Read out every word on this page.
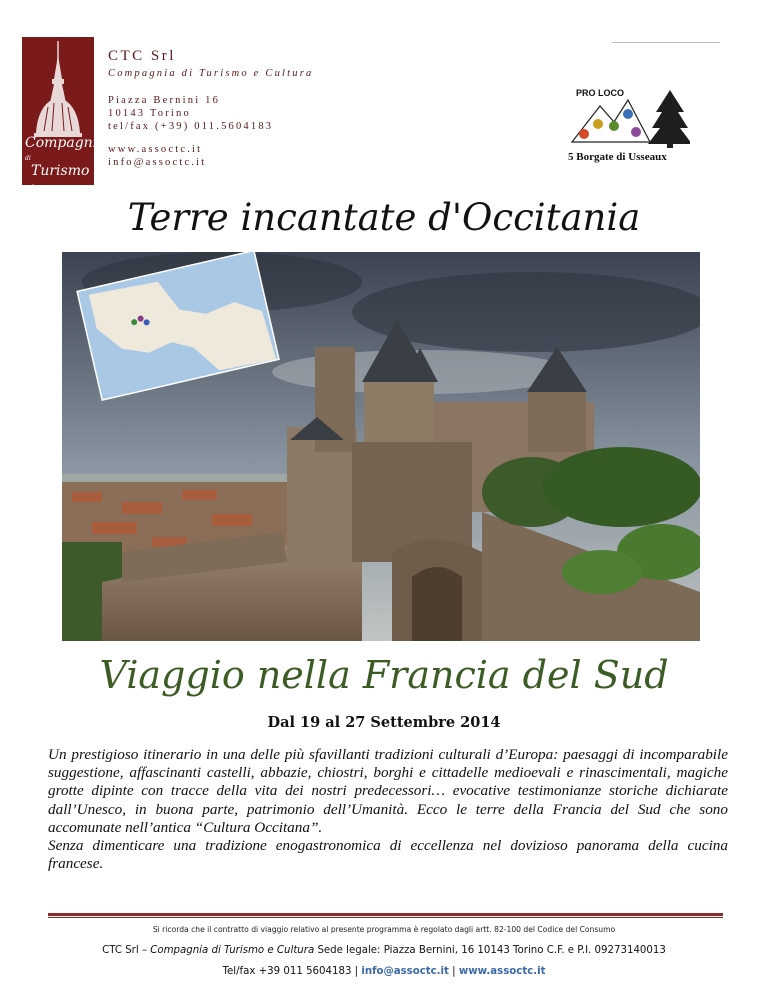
Compagnia di
Turismo e
Cultura
CTC Srl
Compagnia di Turismo e Cultura
Piazza Bernini 16
10143 Torino
tel/fax (+39) 011.5604183
www.assoctc.it
info@assoctc.it
PRO LOCO
5 Borgate di Usseaux
Terre incantate d'Occitania
Viaggio nella Francia del Sud
Dal 19 al 27 Settembre 2014

Un prestigioso itinerario in una delle più sfavillanti tradizioni culturali d’Europa: paesaggi di incomparabile suggestione, affascinanti castelli, abbazie, chiostri, borghi e cittadelle medioevali e rinascimentali, magiche grotte dipinte con tracce della vita dei nostri predecessori… evocative testimonianze storiche dichiarate dall’Unesco, in buona parte, patrimonio dell’Umanità. Ecco le terre della Francia del Sud che sono accomunate nell’antica “Cultura Occitana”.

Senza dimenticare una tradizione enogastronomica di eccellenza nel dovizioso panorama della cucina francese.

Si ricorda che il contratto di viaggio relativo al presente programma è regolato dagli artt. 82-100 del Codice del Consumo
CTC Srl – Compagnia di Turismo e Cultura Sede legale: Piazza Bernini, 16 10143 Torino C.F. e P.I. 09273140013
Tel/fax +39 011 5604183 | info@assoctc.it | www.assoctc.it
